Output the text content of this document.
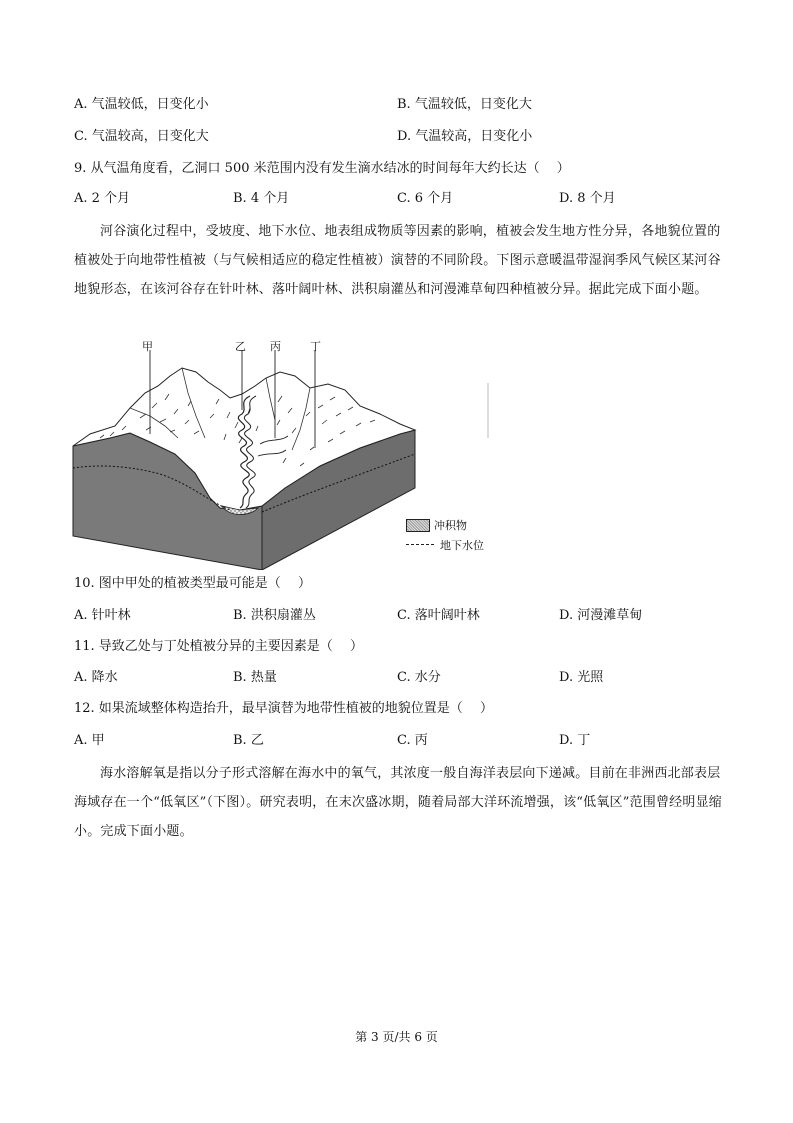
A. 气温较低，日变化小	B. 气温较低，日变化大
C. 气温较高，日变化大	D. 气温较高，日变化小
9. 从气温角度看，乙洞口 500 米范围内没有发生滴水结冰的时间每年大约长达（　 ）
A. 2 个月	B. 4 个月	C. 6 个月	D. 8 个月
河谷演化过程中，受坡度、地下水位、地表组成物质等因素的影响，植被会发生地方性分异，各地貌位置的植被处于向地带性植被（与气候相适应的稳定性植被）演替的不同阶段。下图示意暖温带湿润季风气候区某河谷地貌形态，在该河谷存在针叶林、落叶阔叶林、洪积扇灌丛和河漫滩草甸四种植被分异。据此完成下面小题。
甲	乙 丙	丁
冲积物
地下水位
10. 图中甲处的植被类型最可能是（　 ）
A. 针叶林	B. 洪积扇灌丛	C. 落叶阔叶林	D. 河漫滩草甸
11. 导致乙处与丁处植被分异的主要因素是（　 ）
A. 降水	B. 热量	C. 水分	D. 光照
12. 如果流域整体构造抬升，最早演替为地带性植被的地貌位置是（　 ）
A. 甲	B. 乙	C. 丙	D. 丁
海水溶解氧是指以分子形式溶解在海水中的氧气，其浓度一般自海洋表层向下递减。目前在非洲西北部表层海域存在一个“低氧区”（下图）。研究表明，在末次盛冰期，随着局部大洋环流增强，该“低氧区”范围曾经明显缩小。完成下面小题。
第 3 页/共 6 页
